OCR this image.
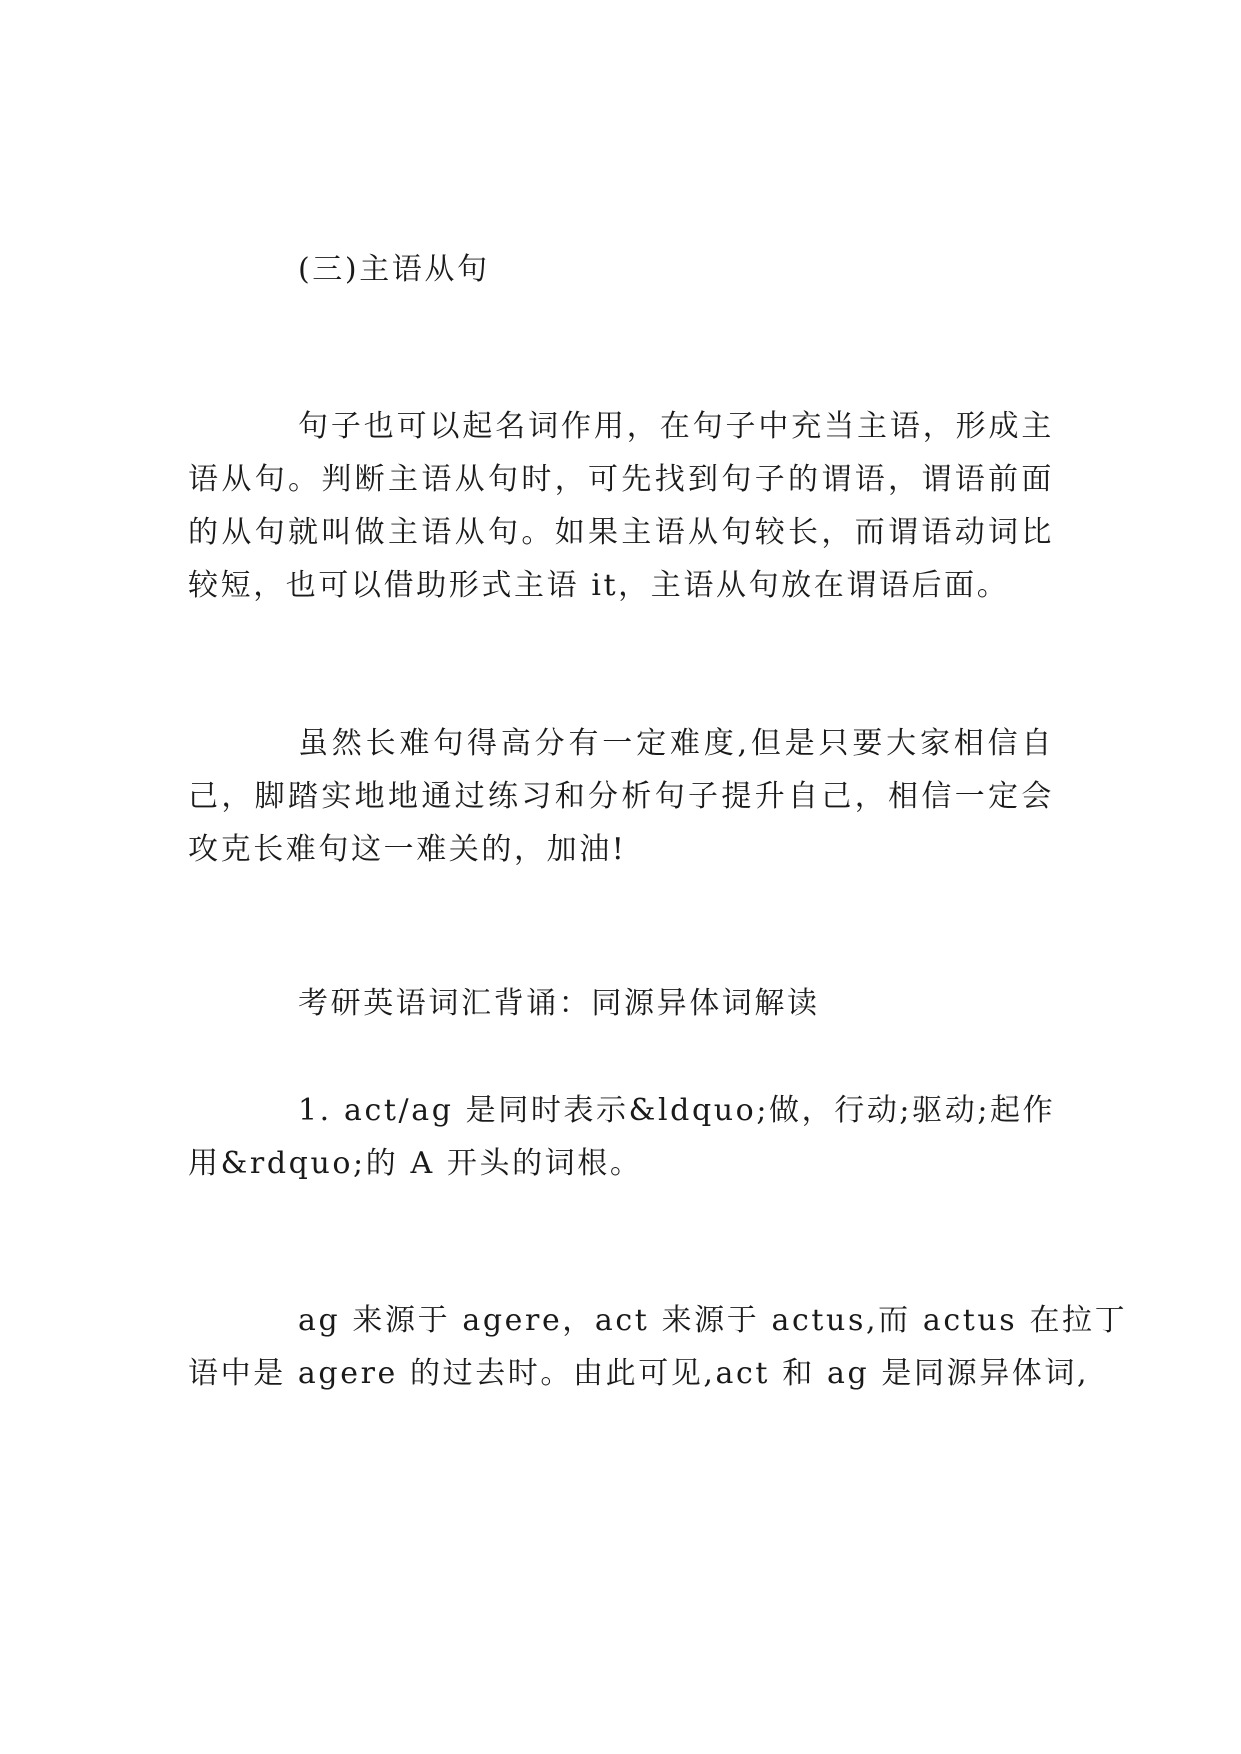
(三)主语从句
句子也可以起名词作用，在句子中充当主语，形成主
语从句。判断主语从句时，可先找到句子的谓语，谓语前面
的从句就叫做主语从句。如果主语从句较长，而谓语动词比
较短，也可以借助形式主语 it，主语从句放在谓语后面。
虽然长难句得高分有一定难度,但是只要大家相信自
己，脚踏实地地通过练习和分析句子提升自己，相信一定会
攻克长难句这一难关的，加油!
考研英语词汇背诵：同源异体词解读
1. act/ag 是同时表示&ldquo;做，行动;驱动;起作
用&rdquo;的 A 开头的词根。
ag 来源于 agere，act 来源于 actus,而 actus 在拉丁
语中是 agere 的过去时。由此可见,act 和 ag 是同源异体词,
